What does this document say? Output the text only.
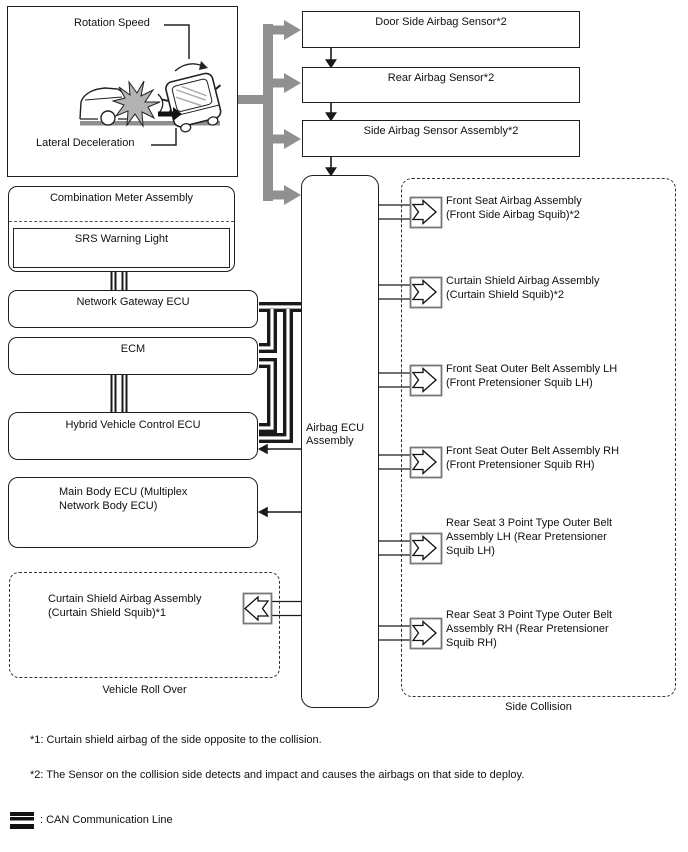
Rotation Speed
Lateral Deceleration
Door Side Airbag Sensor*2
Rear Airbag Sensor*2
Side Airbag Sensor Assembly*2
Airbag ECU
Assembly
Combination Meter Assembly
SRS Warning Light
Network Gateway ECU
ECM
Hybrid Vehicle Control ECU
Main Body ECU (Multiplex
Network Body ECU)
Curtain Shield Airbag Assembly
(Curtain Shield Squib)*1
Vehicle Roll Over
Side Collision
Front Seat Airbag Assembly
(Front Side Airbag Squib)*2
Curtain Shield Airbag Assembly
(Curtain Shield Squib)*2
Front Seat Outer Belt Assembly LH
(Front Pretensioner Squib LH)
Front Seat Outer Belt Assembly RH
(Front Pretensioner Squib RH)
Rear Seat 3 Point Type Outer Belt
Assembly LH (Rear Pretensioner
Squib LH)
Rear Seat 3 Point Type Outer Belt
Assembly RH (Rear Pretensioner
Squib RH)
*1: Curtain shield airbag of the side opposite to the collision.
*2: The Sensor on the collision side detects and impact and causes the airbags on that side to deploy.
: CAN Communication Line
